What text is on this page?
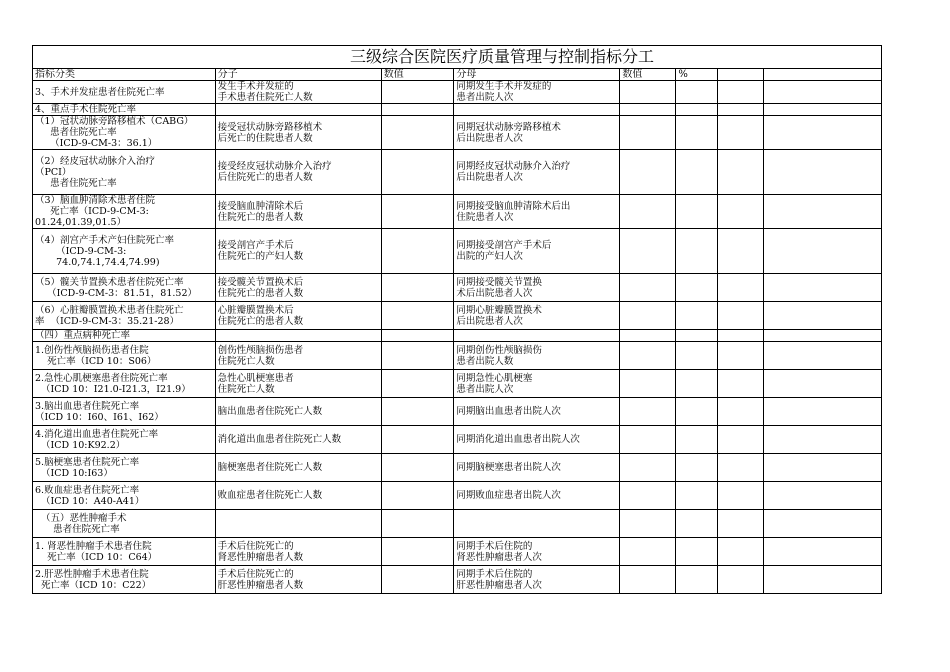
三级综合医院医疗质量管理与控制指标分工							
指标分类	分子	数值	分母	数值	%		
3、手术并发症患者住院死亡率	发生手术并发症的
手术患者住院死亡人数		同期发生手术并发症的
患者出院人次				
4、重点手术住院死亡率							
（1）冠状动脉旁路移植术（CABG）
患者住院死亡率
（ICD-9-CM-3：36.1）	接受冠状动脉旁路移植术
后死亡的住院患者人数		同期冠状动脉旁路移植术
后出院患者人次				
（2）经皮冠状动脉介入治疗
（PCI）
患者住院死亡率	接受经皮冠状动脉介入治疗
后住院死亡的患者人数		同期经皮冠状动脉介入治疗
后出院患者人次				
（3）脑血肿清除术患者住院
死亡率（ICD-9-CM-3:
01.24,01.39,01.5）	接受脑血肿清除术后
住院死亡的患者人数		同期接受脑血肿清除术后出
住院患者人次				
（4）剖宫产手术产妇住院死亡率
（ICD-9-CM-3:
74.0,74.1,74.4,74.99)	接受剖宫产手术后
住院死亡的产妇人数		同期接受剖宫产手术后
出院的产妇人次				
（5）髋关节置换术患者住院死亡率
（ICD-9-CM-3：81.51，81.52）	接受髋关节置换术后
住院死亡的患者人数		同期接受髋关节置换
术后出院患者人次				
（6）心脏瓣膜置换术患者住院死亡
率  （ICD-9-CM-3：35.21-28）	心脏瓣膜置换术后
住院死亡的患者人数		同期心脏瓣膜置换术
后出院患者人次				
（四）重点病种死亡率							
1.创伤性颅脑损伤患者住院
死亡率（ICD 10：S06）	创伤性颅脑损伤患者
住院死亡人数		同期创伤性颅脑损伤
患者出院人数				
2.急性心肌梗塞患者住院死亡率
（ICD 10：I21.0-I21.3，I21.9）	急性心肌梗塞患者
住院死亡人数		同期急性心肌梗塞
患者出院人次				
3.脑出血患者住院死亡率
（ICD 10：I60、I61、I62）	脑出血患者住院死亡人数		同期脑出血患者出院人次				
4.消化道出血患者住院死亡率
（ICD 10:K92.2）	消化道出血患者住院死亡人数		同期消化道出血患者出院人次				
5.脑梗塞患者住院死亡率
（ICD 10:I63）	脑梗塞患者住院死亡人数		同期脑梗塞患者出院人次				
6.败血症患者住院死亡率
（ICD 10：A40-A41）	败血症患者住院死亡人数		同期败血症患者出院人次				
（五）恶性肿瘤手术
患者住院死亡率							
1. 肾恶性肿瘤手术患者住院
死亡率（ICD 10：C64）	手术后住院死亡的
肾恶性肿瘤患者人数		同期手术后住院的
肾恶性肿瘤患者人次				
2.肝恶性肿瘤手术患者住院
死亡率（ICD 10：C22）	手术后住院死亡的
肝恶性肿瘤患者人数		同期手术后住院的
肝恶性肿瘤患者人次				
